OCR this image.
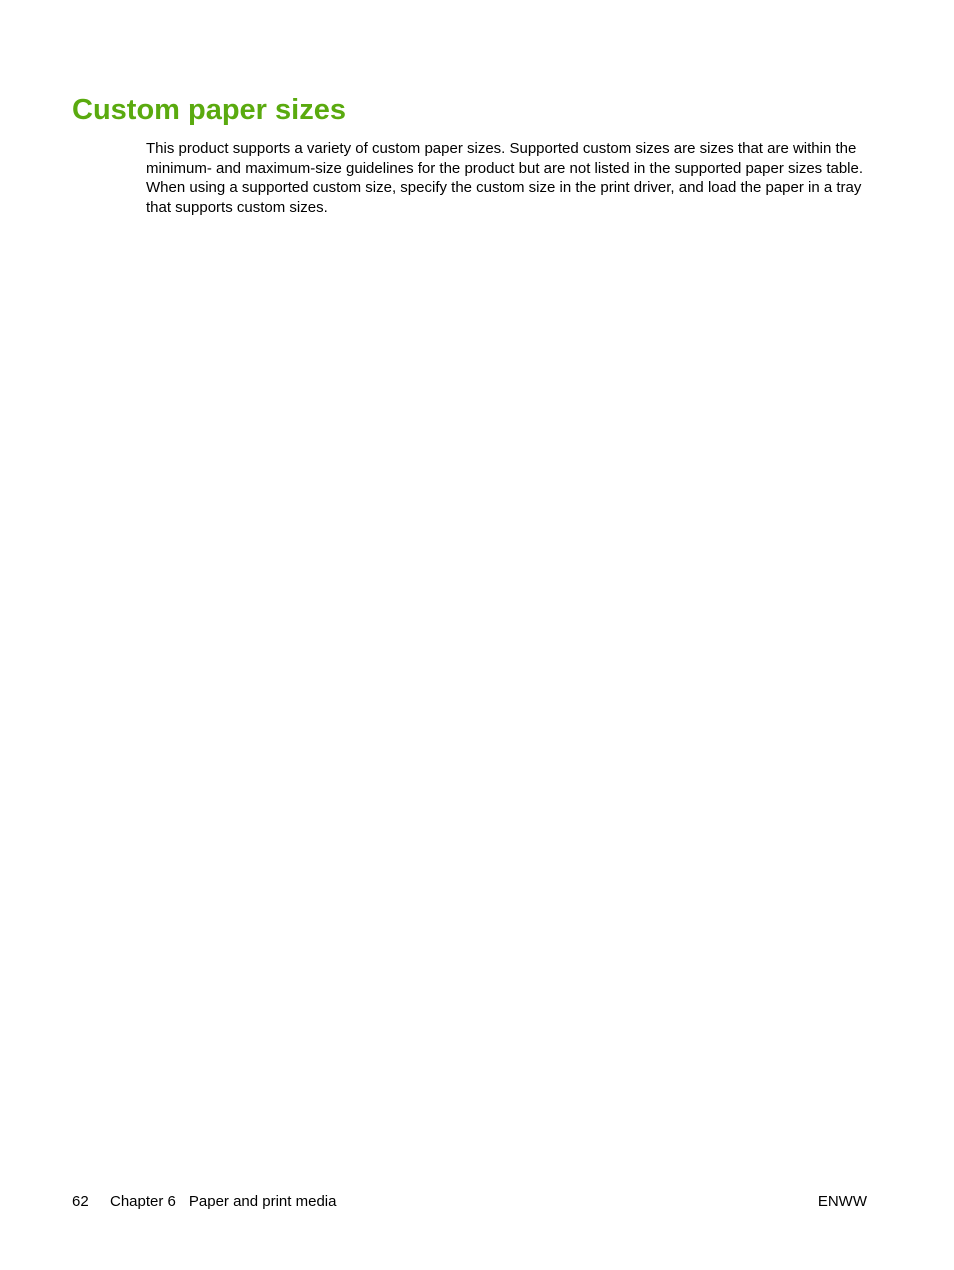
Custom paper sizes

This product supports a variety of custom paper sizes. Supported custom sizes are sizes that are within the minimum- and maximum-size guidelines for the product but are not listed in the supported paper sizes table. When using a supported custom size, specify the custom size in the print driver, and load the paper in a tray that supports custom sizes.

62 Chapter 6 Paper and print media	ENWW
